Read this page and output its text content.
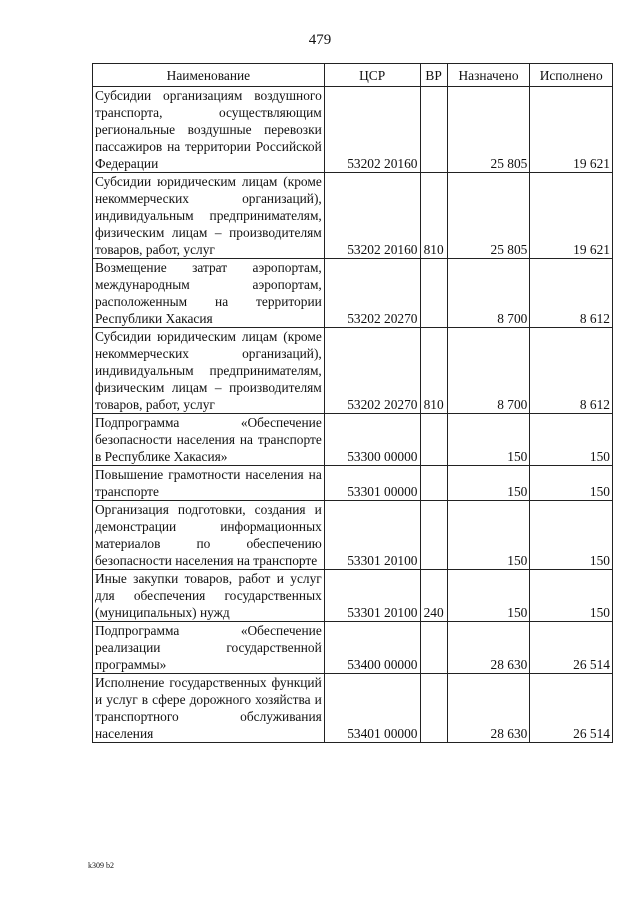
479
Наименование	ЦСР	ВР	Назначено	Исполнено
Субсидии организациям воздушного транспорта, осуществляющим региональные воздушные перевозки пассажиров на территории Российской Федерации	53202 20160		25 805	19 621
Субсидии юридическим лицам (кроме некоммерческих организаций), индивидуальным предпринимателям, физическим лицам – производителям товаров, работ, услуг	53202 20160	810	25 805	19 621
Возмещение затрат аэропортам, международным аэропортам, расположенным на территории Республики Хакасия	53202 20270		8 700	8 612
Субсидии юридическим лицам (кроме некоммерческих организаций), индивидуальным предпринимателям, физическим лицам – производителям товаров, работ, услуг	53202 20270	810	8 700	8 612
Подпрограмма «Обеспечение безопасности населения на транспорте в Республике Хакасия»	53300 00000		150	150
Повышение грамотности населения на транспорте	53301 00000		150	150
Организация подготовки, создания и демонстрации информационных материалов по обеспечению безопасности населения на транспорте	53301 20100		150	150
Иные закупки товаров, работ и услуг для обеспечения государственных (муниципальных) нужд	53301 20100	240	150	150
Подпрограмма «Обеспечение реализации государственной программы»	53400 00000		28 630	26 514
Исполнение государственных функций и услуг в сфере дорожного хозяйства и транспортного обслуживания населения	53401 00000		28 630	26 514
k309 b2
